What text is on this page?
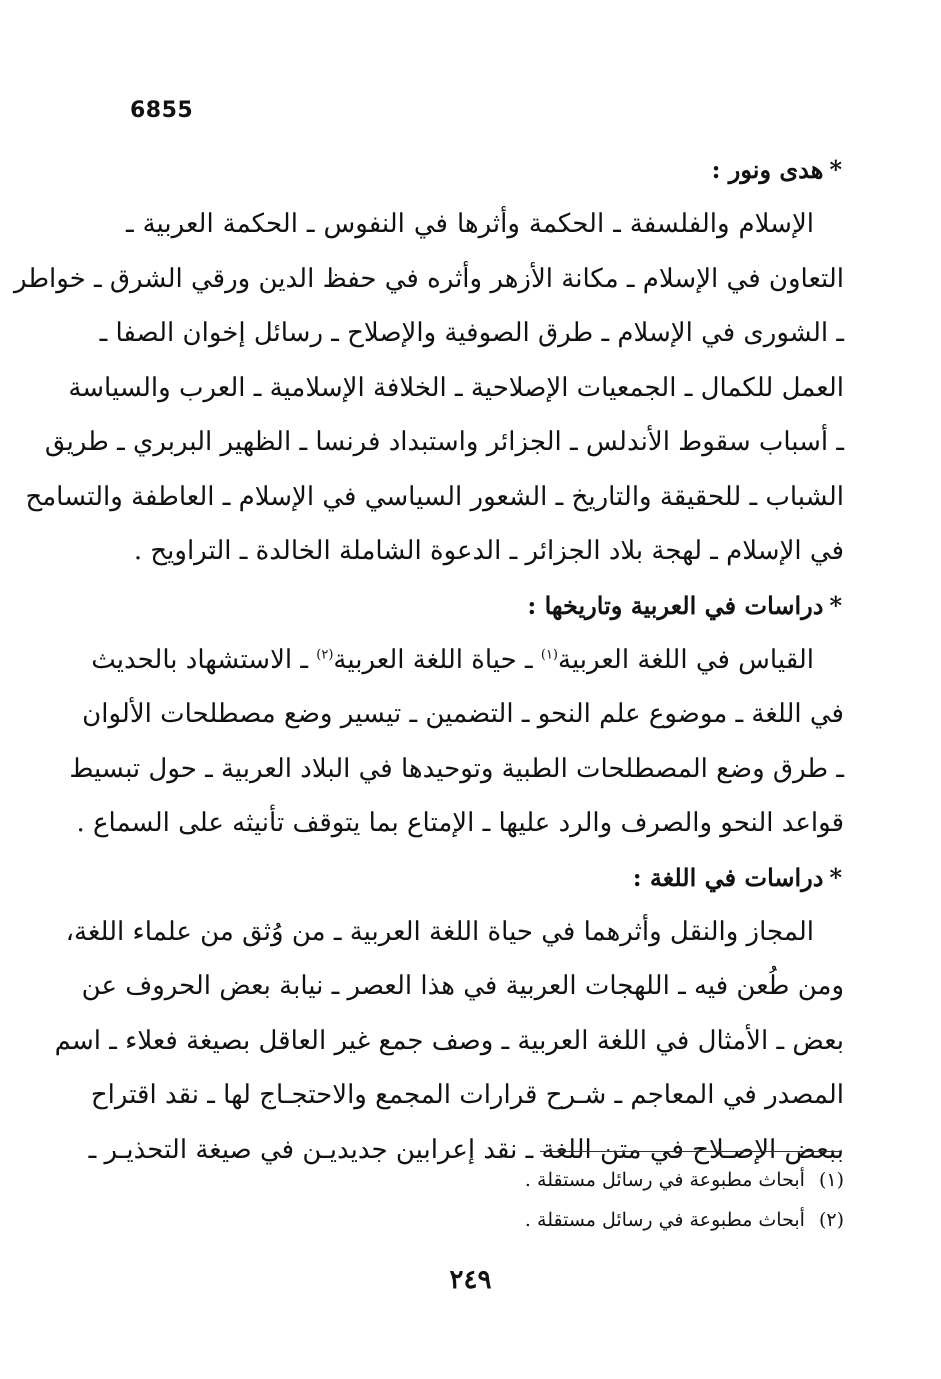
6855
*هدى ونور :
الإسلام والفلسفة ـ الحكمة وأثرها في النفوس ـ الحكمة العربية ـ
التعاون في الإسلام ـ مكانة الأزهر وأثره في حفظ الدين ورقي الشرق ـ خواطر
ـ الشورى في الإسلام ـ طرق الصوفية والإصلاح ـ رسائل إخوان الصفا ـ
العمل للكمال ـ الجمعيات الإصلاحية ـ الخلافة الإسلامية ـ العرب والسياسة
ـ أسباب سقوط الأندلس ـ الجزائر واستبداد فرنسا ـ الظهير البربري ـ طريق
الشباب ـ للحقيقة والتاريخ ـ الشعور السياسي في الإسلام ـ العاطفة والتسامح
في الإسلام ـ لهجة بلاد الجزائر ـ الدعوة الشاملة الخالدة ـ التراويح .
*دراسات في العربية وتاريخها :
القياس في اللغة العربية$^{(١)}$ ـ حياة اللغة العربية$^{(٢)}$ ـ الاستشهاد بالحديث
في اللغة ـ موضوع علم النحو ـ التضمين ـ تيسير وضع مصطلحات الألوان
ـ طرق وضع المصطلحات الطبية وتوحيدها في البلاد العربية ـ حول تبسيط
قواعد النحو والصرف والرد عليها ـ الإمتاع بما يتوقف تأنيثه على السماع .
*دراسات في اللغة :
المجاز والنقل وأثرهما في حياة اللغة العربية ـ من وُثق من علماء اللغة،
ومن طُعن فيه ـ اللهجات العربية في هذا العصر ـ نيابة بعض الحروف عن
بعض ـ الأمثال في اللغة العربية ـ وصف جمع غير العاقل بصيغة فعلاء ـ اسم
المصدر في المعاجم ـ شـرح قرارات المجمع والاحتجـاج لها ـ نقد اقتراح
ببعض الإصـلاح في متن اللغة ـ نقد إعرابين جديديـن في صيغة التحذيـر ـ
(١)أبحاث مطبوعة في رسائل مستقلة .
(٢)أبحاث مطبوعة في رسائل مستقلة .
٢٤٩
